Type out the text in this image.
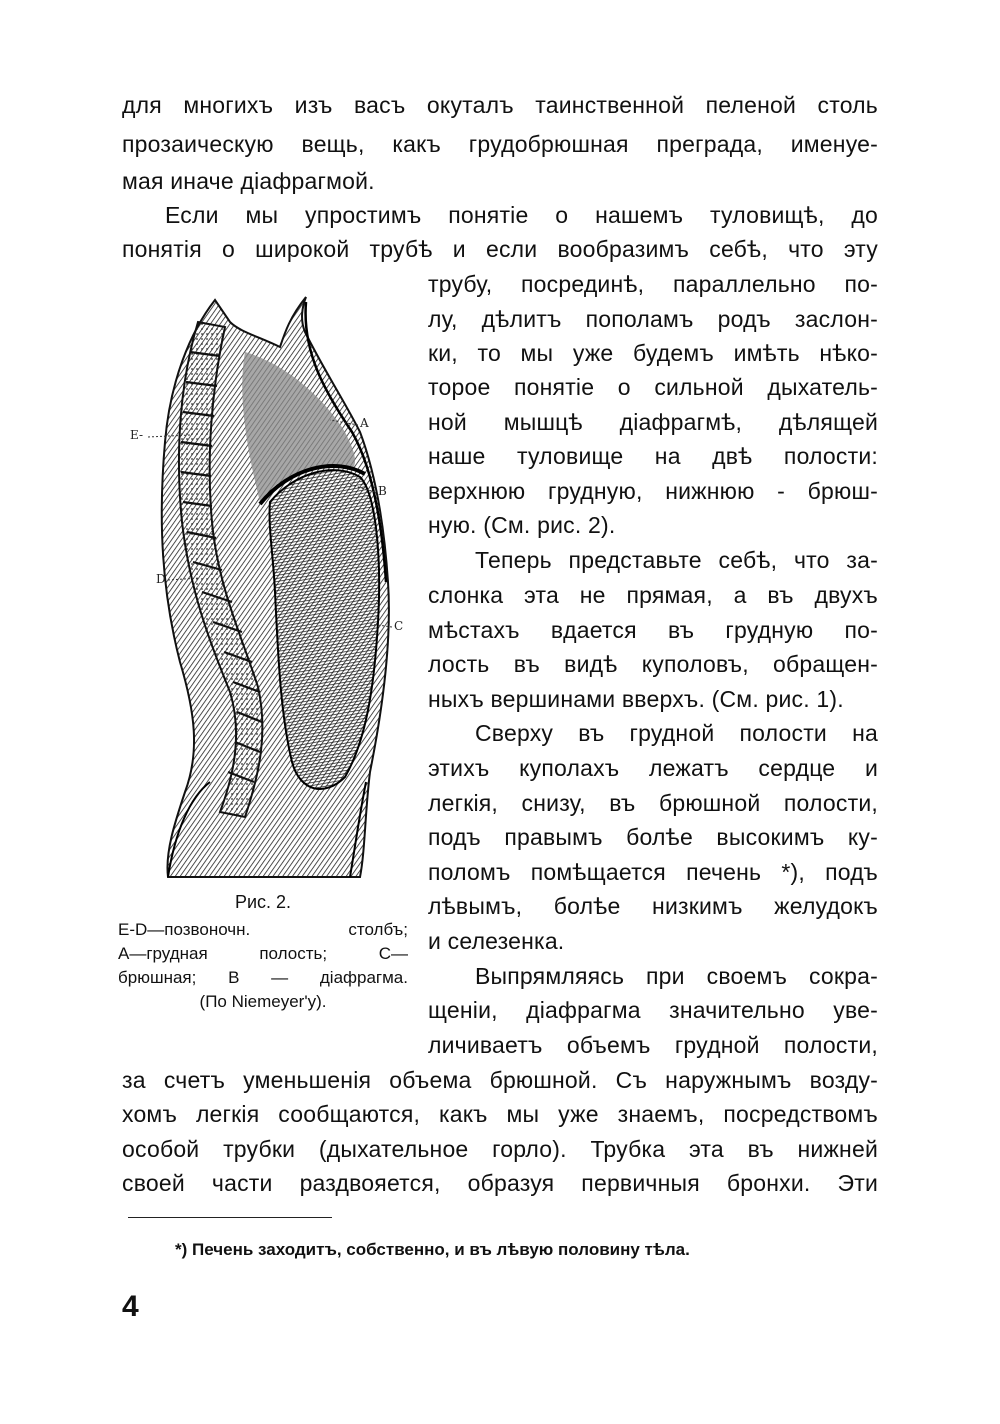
для многихъ изъ васъ окуталъ таинственной пеленой столь
прозаическую вещь, какъ грудобрюшная преграда, именуе-
мая иначе діафрагмой.
Если мы упростимъ понятіе о нашемъ туловищѣ, до
понятія о широкой трубѣ и если вообразимъ себѣ, что эту
трубу, посрединѣ, параллельно по-
лу, дѣлитъ пополамъ родъ заслон-
ки, то мы уже будемъ имѣть нѣко-
торое понятіе о сильной дыхатель-
ной мышцѣ діафрагмѣ, дѣлящей
наше туловище на двѣ полости:
верхнюю грудную, нижнюю - брюш-
ную. (См. рис. 2).
Теперь представьте себѣ, что за-
слонка эта не прямая, а въ двухъ
мѣстахъ вдается въ грудную по-
лость въ видѣ куполовъ, обращен-
ныхъ вершинами вверхъ. (См. рис. 1).
Сверху въ грудной полости на
этихъ куполахъ лежатъ сердце и
легкія, снизу, въ брюшной полости,
подъ правымъ болѣе высокимъ ку-
поломъ помѣщается печень *), подъ
лѣвымъ, болѣе низкимъ желудокъ
и селезенка.
Выпрямляясь при своемъ сокра-
щеніи, діафрагма значительно уве-
личиваетъ объемъ грудной полости,
за счетъ уменьшенія объема брюшной. Съ наружнымъ возду-
хомъ легкія сообщаются, какъ мы уже знаемъ, посредствомъ
особой трубки (дыхательное горло). Трубка эта въ нижней
своей части раздвояется, образуя первичныя бронхи. Эти
E-
A
B
D
C
Рис. 2.
E-D—позвоночн. столбъ;
A—грудная полость; C—
брюшная; B — діафрагма.
(По Niemeyer'y).
*) Печень заходитъ, собственно, и въ лѣвую половину тѣла.
4
